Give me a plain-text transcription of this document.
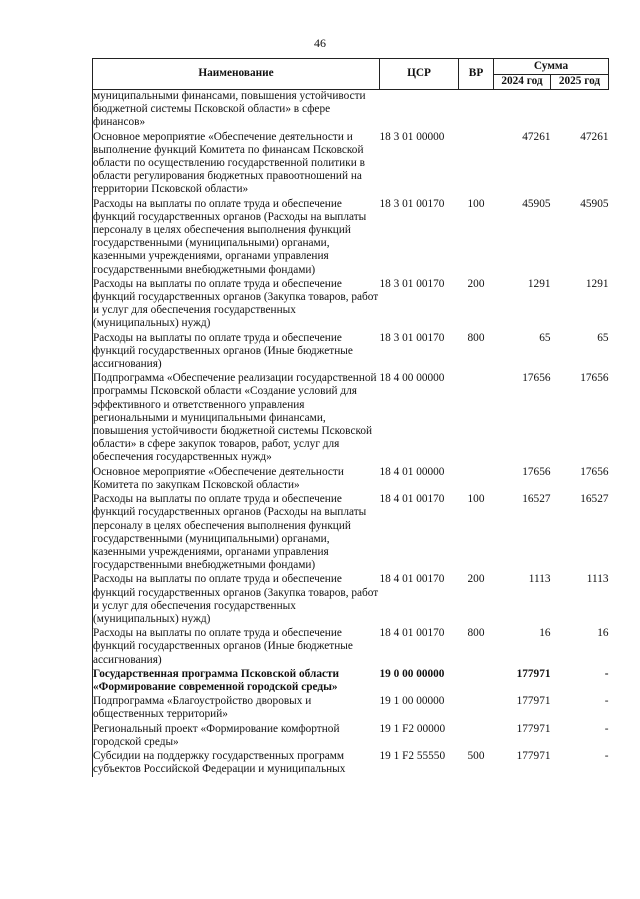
46
Наименование	ЦСР	ВР	Сумма	
			2024 год	2025 год
муниципальными финансами, повышения устойчивости бюджетной системы Псковской области» в сфере финансов»				
Основное мероприятие «Обеспечение деятельности и выполнение функций Комитета по финансам Псковской области по осуществлению государственной политики в области регулирования бюджетных правоотношений на территории Псковской области»	18 3 01 00000		47261	47261
Расходы на выплаты по оплате труда и обеспечение функций государственных органов (Расходы на выплаты персоналу в целях обеспечения выполнения функций государственными (муниципальными) органами, казенными учреждениями, органами управления государственными внебюджетными фондами)	18 3 01 00170	100	45905	45905
Расходы на выплаты по оплате труда и обеспечение функций государственных органов (Закупка товаров, работ и услуг для обеспечения государственных (муниципальных) нужд)	18 3 01 00170	200	1291	1291
Расходы на выплаты по оплате труда и обеспечение функций государственных органов (Иные бюджетные ассигнования)	18 3 01 00170	800	65	65
Подпрограмма «Обеспечение реализации государственной программы Псковской области «Создание условий для эффективного и ответственного управления региональными и муниципальными финансами, повышения устойчивости бюджетной системы Псковской области» в сфере закупок товаров, работ, услуг для обеспечения государственных нужд»	18 4 00 00000		17656	17656
Основное мероприятие «Обеспечение деятельности Комитета по закупкам Псковской области»	18 4 01 00000		17656	17656
Расходы на выплаты по оплате труда и обеспечение функций государственных органов (Расходы на выплаты персоналу в целях обеспечения выполнения функций государственными (муниципальными) органами, казенными учреждениями, органами управления государственными внебюджетными фондами)	18 4 01 00170	100	16527	16527
Расходы на выплаты по оплате труда и обеспечение функций государственных органов (Закупка товаров, работ и услуг для обеспечения государственных (муниципальных) нужд)	18 4 01 00170	200	1113	1113
Расходы на выплаты по оплате труда и обеспечение функций государственных органов (Иные бюджетные ассигнования)	18 4 01 00170	800	16	16
Государственная программа Псковской области «Формирование современной городской среды»	19 0 00 00000		177971	-
Подпрограмма «Благоустройство дворовых и общественных территорий»	19 1 00 00000		177971	-
Региональный проект «Формирование комфортной городской среды»	19 1 F2 00000		177971	-
Субсидии на поддержку государственных программ субъектов Российской Федерации и муниципальных	19 1 F2 55550	500	177971	-
